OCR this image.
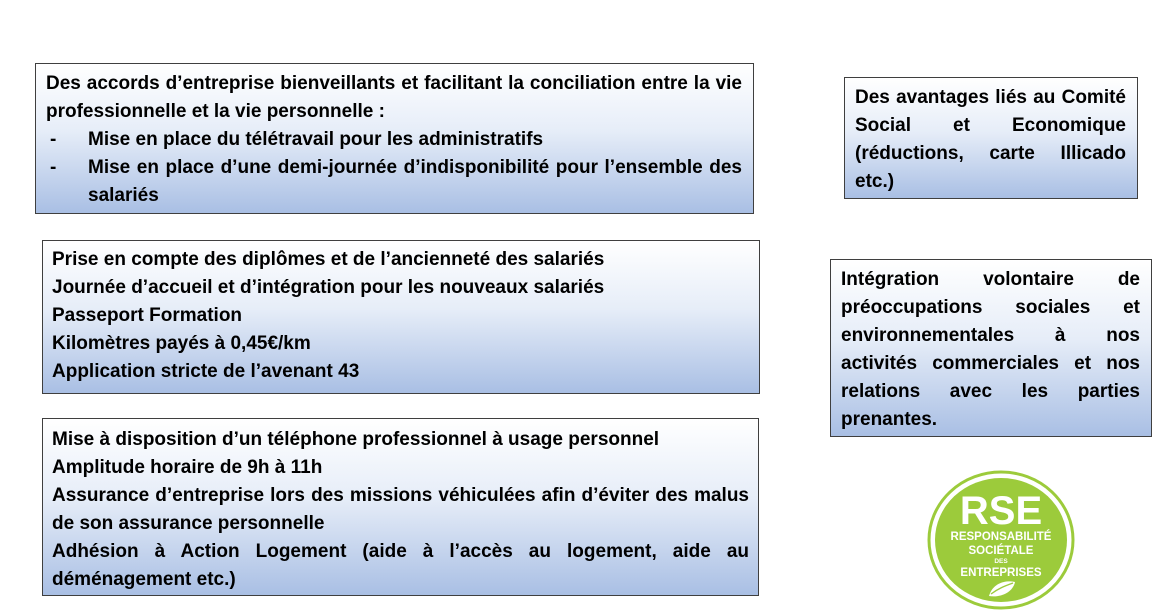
Des accords d’entreprise bienveillants et facilitant la conciliation entre la vie professionnelle et la vie personnelle :

- Mise en place du télétravail pour les administratifs
- Mise en place d’une demi-journée d’indisponibilité pour l’ensemble des salariés

Prise en compte des diplômes et de l’ancienneté des salariés

Journée d’accueil et d’intégration pour les nouveaux salariés

Passeport Formation

Kilomètres payés à 0,45€/km

Application stricte de l’avenant 43

Mise à disposition d’un téléphone professionnel à usage personnel

Amplitude horaire de 9h à 11h

Assurance d’entreprise lors des missions véhiculées afin d’éviter des malus de son assurance personnelle

Adhésion à Action Logement (aide à l’accès au logement, aide au déménagement etc.)

Des avantages liés au Comité Social et Economique (réductions, carte Illicado etc.)

Intégration volontaire de préoccupations sociales et environnementales à nos activités commerciales et nos relations avec les parties prenantes.

RSE
RESPONSABILITÉ
SOCIÉTALE
DES
ENTREPRISES
